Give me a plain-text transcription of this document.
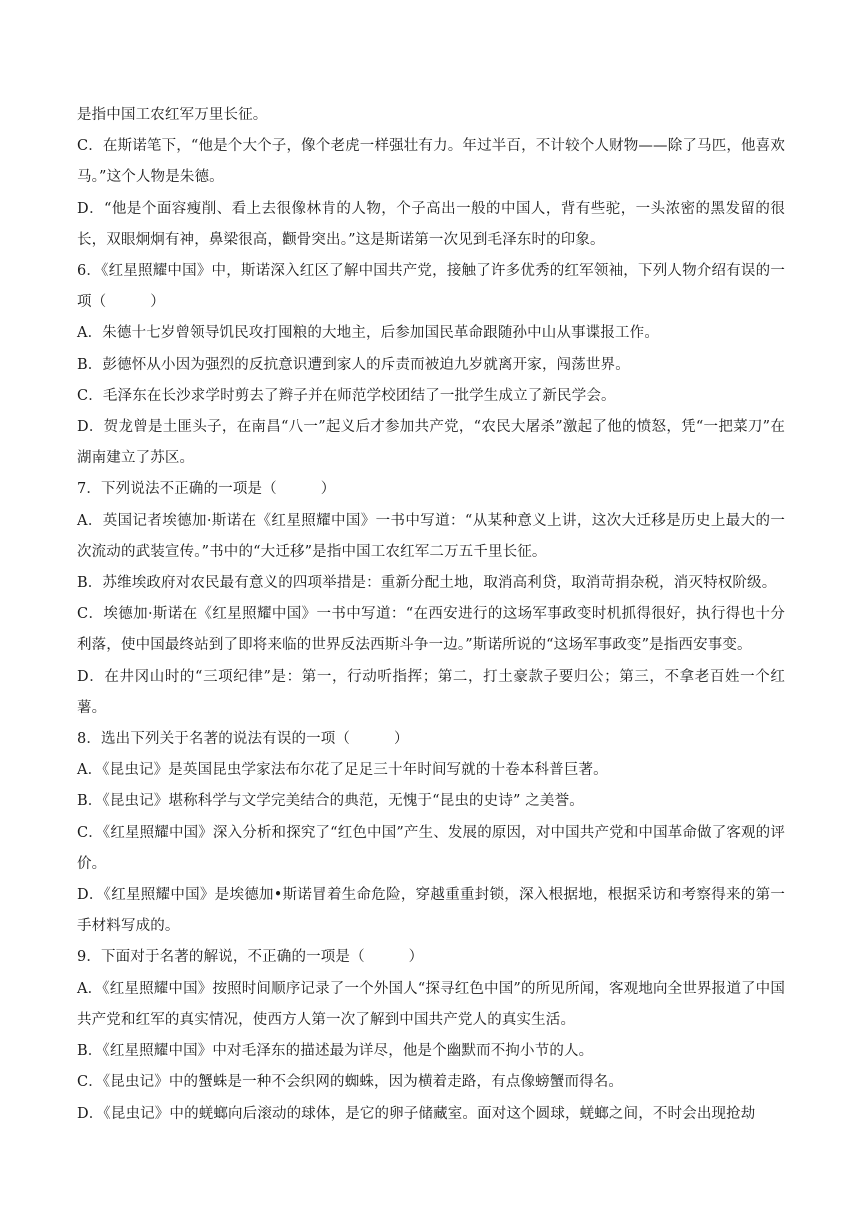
是指中国工农红军万里长征。

C．在斯诺笔下，“他是个大个子，像个老虎一样强壮有力。年过半百，不计较个人财物——除了马匹，他喜欢马。”这个人物是朱德。

D．“他是个面容瘦削、看上去很像林肯的人物，个子高出一般的中国人，背有些驼，一头浓密的黑发留的很长，双眼炯炯有神，鼻梁很高，颧骨突出。”这是斯诺第一次见到毛泽东时的印象。

6．《红星照耀中国》中，斯诺深入红区了解中国共产党，接触了许多优秀的红军领袖，下列人物介绍有误的一项（　　　）

A．朱德十七岁曾领导饥民攻打囤粮的大地主，后参加国民革命跟随孙中山从事谍报工作。

B．彭德怀从小因为强烈的反抗意识遭到家人的斥责而被迫九岁就离开家，闯荡世界。

C．毛泽东在长沙求学时剪去了辫子并在师范学校团结了一批学生成立了新民学会。

D．贺龙曾是土匪头子，在南昌“八一”起义后才参加共产党，“农民大屠杀”激起了他的愤怒，凭“一把菜刀”在湖南建立了苏区。

7．下列说法不正确的一项是（　　　）

A．英国记者埃德加·斯诺在《红星照耀中国》一书中写道：“从某种意义上讲，这次大迁移是历史上最大的一次流动的武装宣传。”书中的“大迁移”是指中国工农红军二万五千里长征。

B．苏维埃政府对农民最有意义的四项举措是：重新分配土地，取消高利贷，取消苛捐杂税，消灭特权阶级。

C．埃德加·斯诺在《红星照耀中国》一书中写道：“在西安进行的这场军事政变时机抓得很好，执行得也十分利落，使中国最终站到了即将来临的世界反法西斯斗争一边。”斯诺所说的“这场军事政变”是指西安事变。

D．在井冈山时的“三项纪律”是：第一，行动听指挥；第二，打土豪款子要归公；第三，不拿老百姓一个红薯。

8．选出下列关于名著的说法有误的一项（　　　）

A．《昆虫记》是英国昆虫学家法布尔花了足足三十年时间写就的十卷本科普巨著。

B．《昆虫记》堪称科学与文学完美结合的典范，无愧于“昆虫的史诗” 之美誉。

C．《红星照耀中国》深入分析和探究了“红色中国”产生、发展的原因，对中国共产党和中国革命做了客观的评价。

D．《红星照耀中国》是埃德加•斯诺冒着生命危险，穿越重重封锁，深入根据地，根据采访和考察得来的第一手材料写成的。

9．下面对于名著的解说，不正确的一项是（　　　）

A．《红星照耀中国》按照时间顺序记录了一个外国人“探寻红色中国”的所见所闻，客观地向全世界报道了中国共产党和红军的真实情况，使西方人第一次了解到中国共产党人的真实生活。

B．《红星照耀中国》中对毛泽东的描述最为详尽，他是个幽默而不拘小节的人。

C．《昆虫记》中的蟹蛛是一种不会织网的蜘蛛，因为横着走路，有点像螃蟹而得名。

D．《昆虫记》中的蜣螂向后滚动的球体，是它的卵子储藏室。面对这个圆球，蜣螂之间，不时会出现抢劫
